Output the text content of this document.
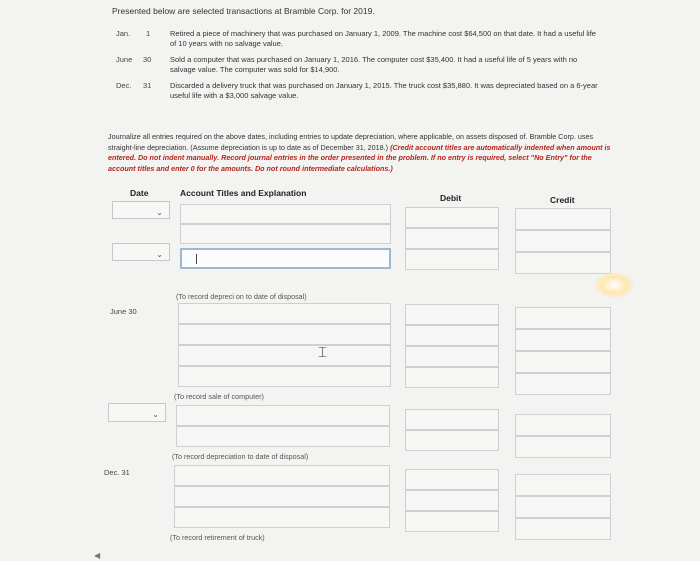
Presented below are selected transactions at Bramble Corp. for 2019.
Jan. 1	Retired a piece of machinery that was purchased on January 1, 2009. The machine cost $64,500 on that date. It had a useful life of 10 years with no salvage value.
June 30 Sold a computer that was purchased on January 1, 2016. The computer cost $35,400. It had a useful life of 5 years with no salvage value. The computer was sold for $14,900.
Dec. 31 Discarded a delivery truck that was purchased on January 1, 2015. The truck cost $35,880. It was depreciated based on a 6-year useful life with a $3,000 salvage value.
Journalize all entries required on the above dates, including entries to update depreciation, where applicable, on assets disposed of. Bramble Corp. uses straight-line depreciation. (Assume depreciation is up to date as of December 31, 2018.) (Credit account titles are automatically indented when amount is entered. Do not indent manually. Record journal entries in the order presented in the problem. If no entry is required, select "No Entry" for the account titles and enter 0 for the amounts. Do not round intermediate calculations.)
Date	Account Titles and Explanation	Debit	Credit
⌄
⌄
⌄
June 30
Dec. 31
(To record depreci on to date of disposal)
(To record sale of computer)
(To record depreciation to date of disposal)
(To record retirement of truck)
⌶
◀
